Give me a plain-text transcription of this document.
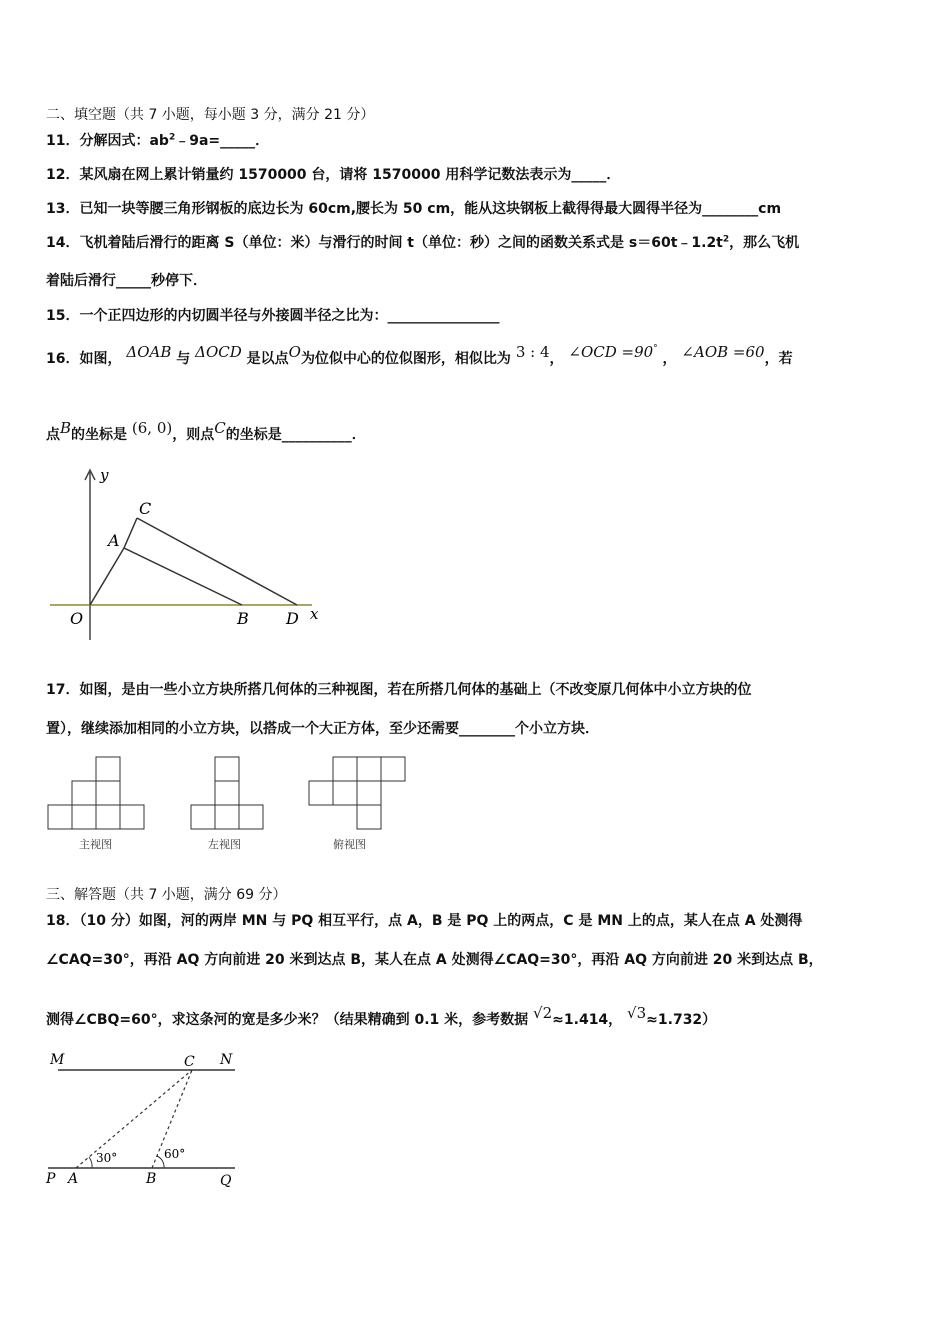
二、填空题（共 7 小题，每小题 3 分，满分 21 分）
11．分解因式：$ab^2﹣9a=\_\_\_\_\_$．
12．某风扇在网上累计销量约 1570000 台，请将 1570000 用科学记数法表示为_____．
13．已知一块等腰三角形钢板的底边长为 60cm,腰长为 50 cm，能从这块钢板上截得得最大圆得半径为________cm
14．飞机着陆后滑行的距离 S（单位：米）与滑行的时间 t（单位：秒）之间的函数关系式是 $s=60t﹣1.2t^2$，那么飞机
着陆后滑行_____秒停下．
15．一个正四边形的内切圆半径与外接圆半径之比为：________________
16．如图， ΔOAB 与 ΔOCD 是以点O为位似中心的位似图形，相似比为 3 : 4， ∠OCD =90° ， ∠AOB =60，若
点B的坐标是 (6, 0)，则点C的坐标是__________．
y
x
O
A
C
B D
17．如图，是由一些小立方块所搭几何体的三种视图，若在所搭几何体的基础上（不改变原几何体中小立方块的位
置），继续添加相同的小立方块，以搭成一个大正方体，至少还需要________个小立方块．
主视图	左视图	俯视图
三、解答题（共 7 小题，满分 69 分）
18．（10 分）如图，河的两岸 MN 与 PQ 相互平行，点 A，B 是 PQ 上的两点，C 是 MN 上的点，某人在点 A 处测得
∠CAQ=30°，再沿 AQ 方向前进 20 米到达点 B，某人在点 A 处测得∠CAQ=30°，再沿 AQ 方向前进 20 米到达点 B，
测得∠CBQ=60°，求这条河的宽是多少米？（结果精确到 0.1 米，参考数据 √2≈1.414， √3≈1.732）
M	N
C
P A	B	Q
30°	60°
